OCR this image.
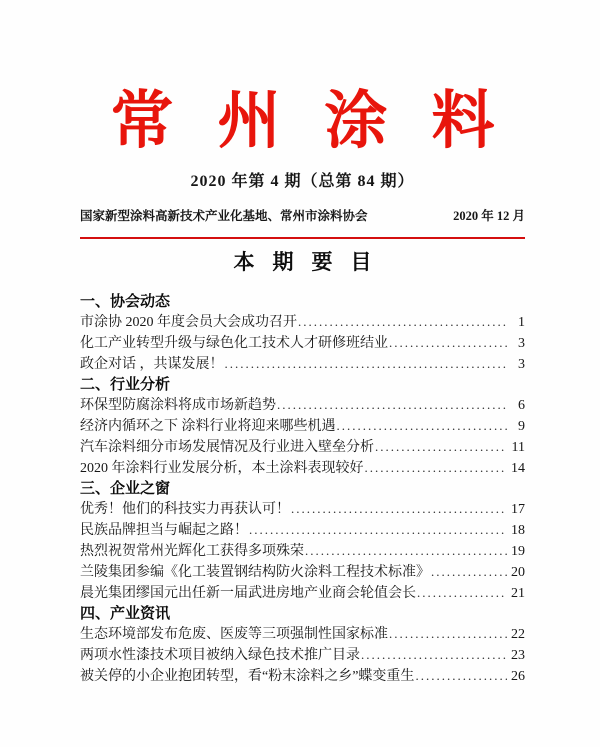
常 州 涂 料
2020 年第 4 期（总第 84 期）
国家新型涂料高新技术产业化基地、常州市涂料协会	2020 年 12 月
本 期 要 目
一、协会动态
市涂协 2020 年度会员大会成功召开 .....	1
化工产业转型升级与绿色化工技术人才研修班结业 .....	3
政企对话 ，共谋发展！ .....	3
二、行业分析
环保型防腐涂料将成市场新趋势 .....	6
经济内循环之下 涂料行业将迎来哪些机遇 .....	9
汽车涂料细分市场发展情况及行业进入壁垒分析 .....	11
2020 年涂料行业发展分析，本土涂料表现较好 .....	14
三、企业之窗
优秀！他们的科技实力再获认可！ .....	17
民族品牌担当与崛起之路！ .....	18
热烈祝贺常州光辉化工获得多项殊荣 .....	19
兰陵集团参编《化工装置钢结构防火涂料工程技术标准》 .....	20
晨光集团缪国元出任新一届武进房地产业商会轮值会长 .....	21
四、产业资讯
生态环境部发布危废、医废等三项强制性国家标准 .....	22
两项水性漆技术项目被纳入绿色技术推广目录 .....	23
被关停的小企业抱团转型，看“粉末涂料之乡”蝶变重生 .....	26
